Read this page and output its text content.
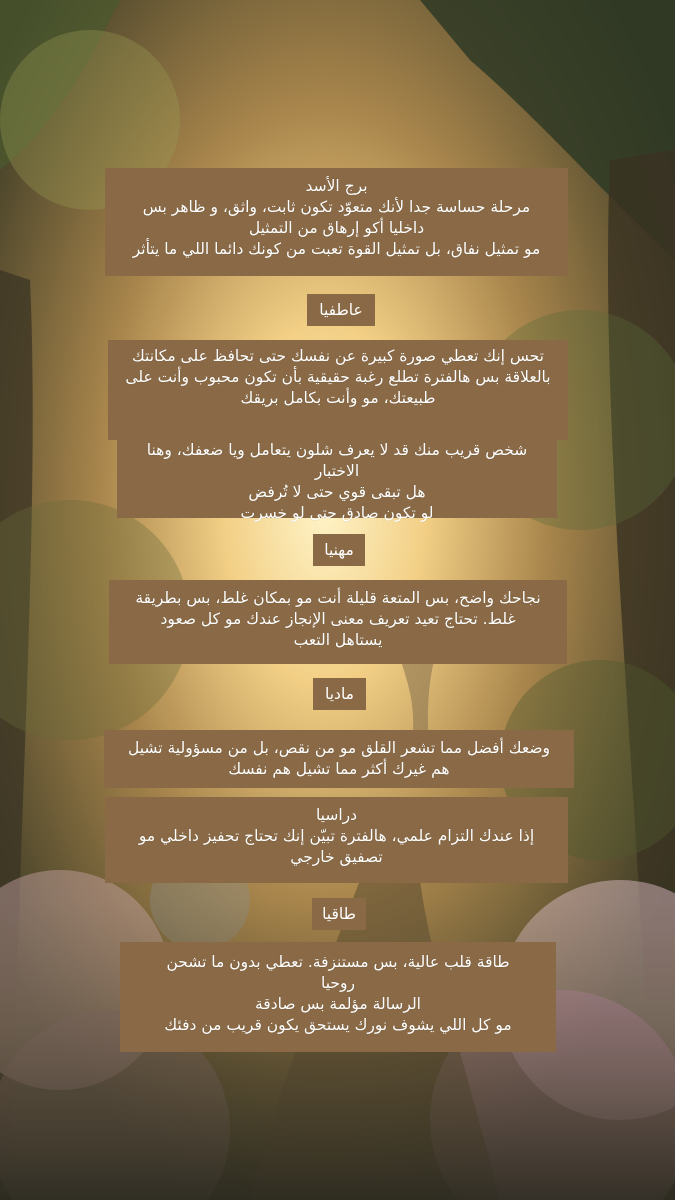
برج الأسد

مرحلة حساسة جدا لأنك متعوّد تكون ثابت، واثق، و ظاهر بس

داخليا أكو إرهاق من التمثيل

مو تمثيل نفاق، بل تمثيل القوة تعبت من كونك دائما اللي ما يتأثر

عاطفيا

تحس إنك تعطي صورة كبيرة عن نفسك حتى تحافظ على مكانتك

بالعلاقة بس هالفترة تطلع رغبة حقيقية بأن تكون محبوب وأنت على

طبيعتك، مو وأنت بكامل بريقك

شخص قريب منك قد لا يعرف شلون يتعامل ويا ضعفك، وهنا

الاختبار

هل تبقى قوي حتى لا تُرفض

لو تكون صادق حتى لو خسرت

مهنيا

نجاحك واضح، بس المتعة قليلة أنت مو بمكان غلط، بس بطريقة

غلط. تحتاج تعيد تعريف معنى الإنجاز عندك مو كل صعود

يستاهل التعب

ماديا

وضعك أفضل مما تشعر القلق مو من نقص، بل من مسؤولية تشيل

هم غيرك أكثر مما تشيل هم نفسك

دراسيا

إذا عندك التزام علمي، هالفترة تبيّن إنك تحتاج تحفيز داخلي مو

تصفيق خارجي

طاقيا

طاقة قلب عالية، بس مستنزفة. تعطي بدون ما تشحن

روحيا

الرسالة مؤلمة بس صادقة

مو كل اللي يشوف نورك يستحق يكون قريب من دفئك
